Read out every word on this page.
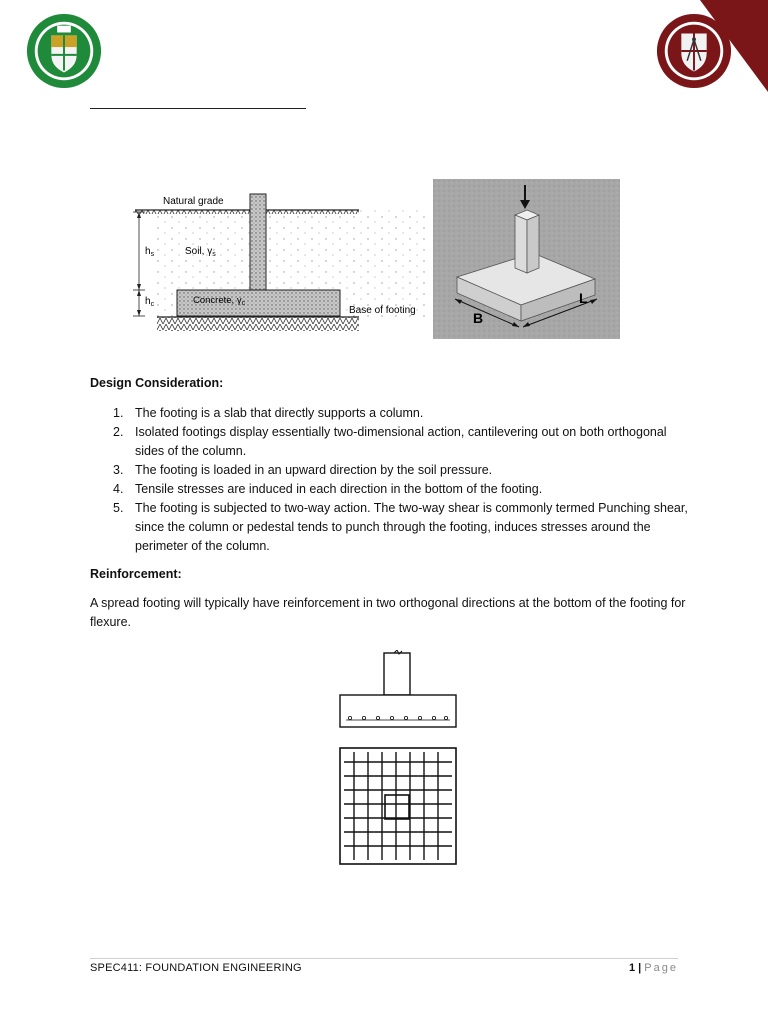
Natural grade
$h_s$	Soil, $\gamma_s$
$h_c$	Concrete, $\gamma_c$
Base of footing	B
L
Design Consideration:
1. The footing is a slab that directly supports a column.
2. Isolated footings display essentially two-dimensional action, cantilevering out on both orthogonal sides of the column.
3. The footing is loaded in an upward direction by the soil pressure.
4. Tensile stresses are induced in each direction in the bottom of the footing.
5. The footing is subjected to two-way action. The two-way shear is commonly termed Punching shear, since the column or pedestal tends to punch through the footing, induces stresses around the perimeter of the column.
Reinforcement:
A spread footing will typically have reinforcement in two orthogonal directions at the bottom of the footing for flexure.
SPEC411: FOUNDATION ENGINEERING	1 | Page
